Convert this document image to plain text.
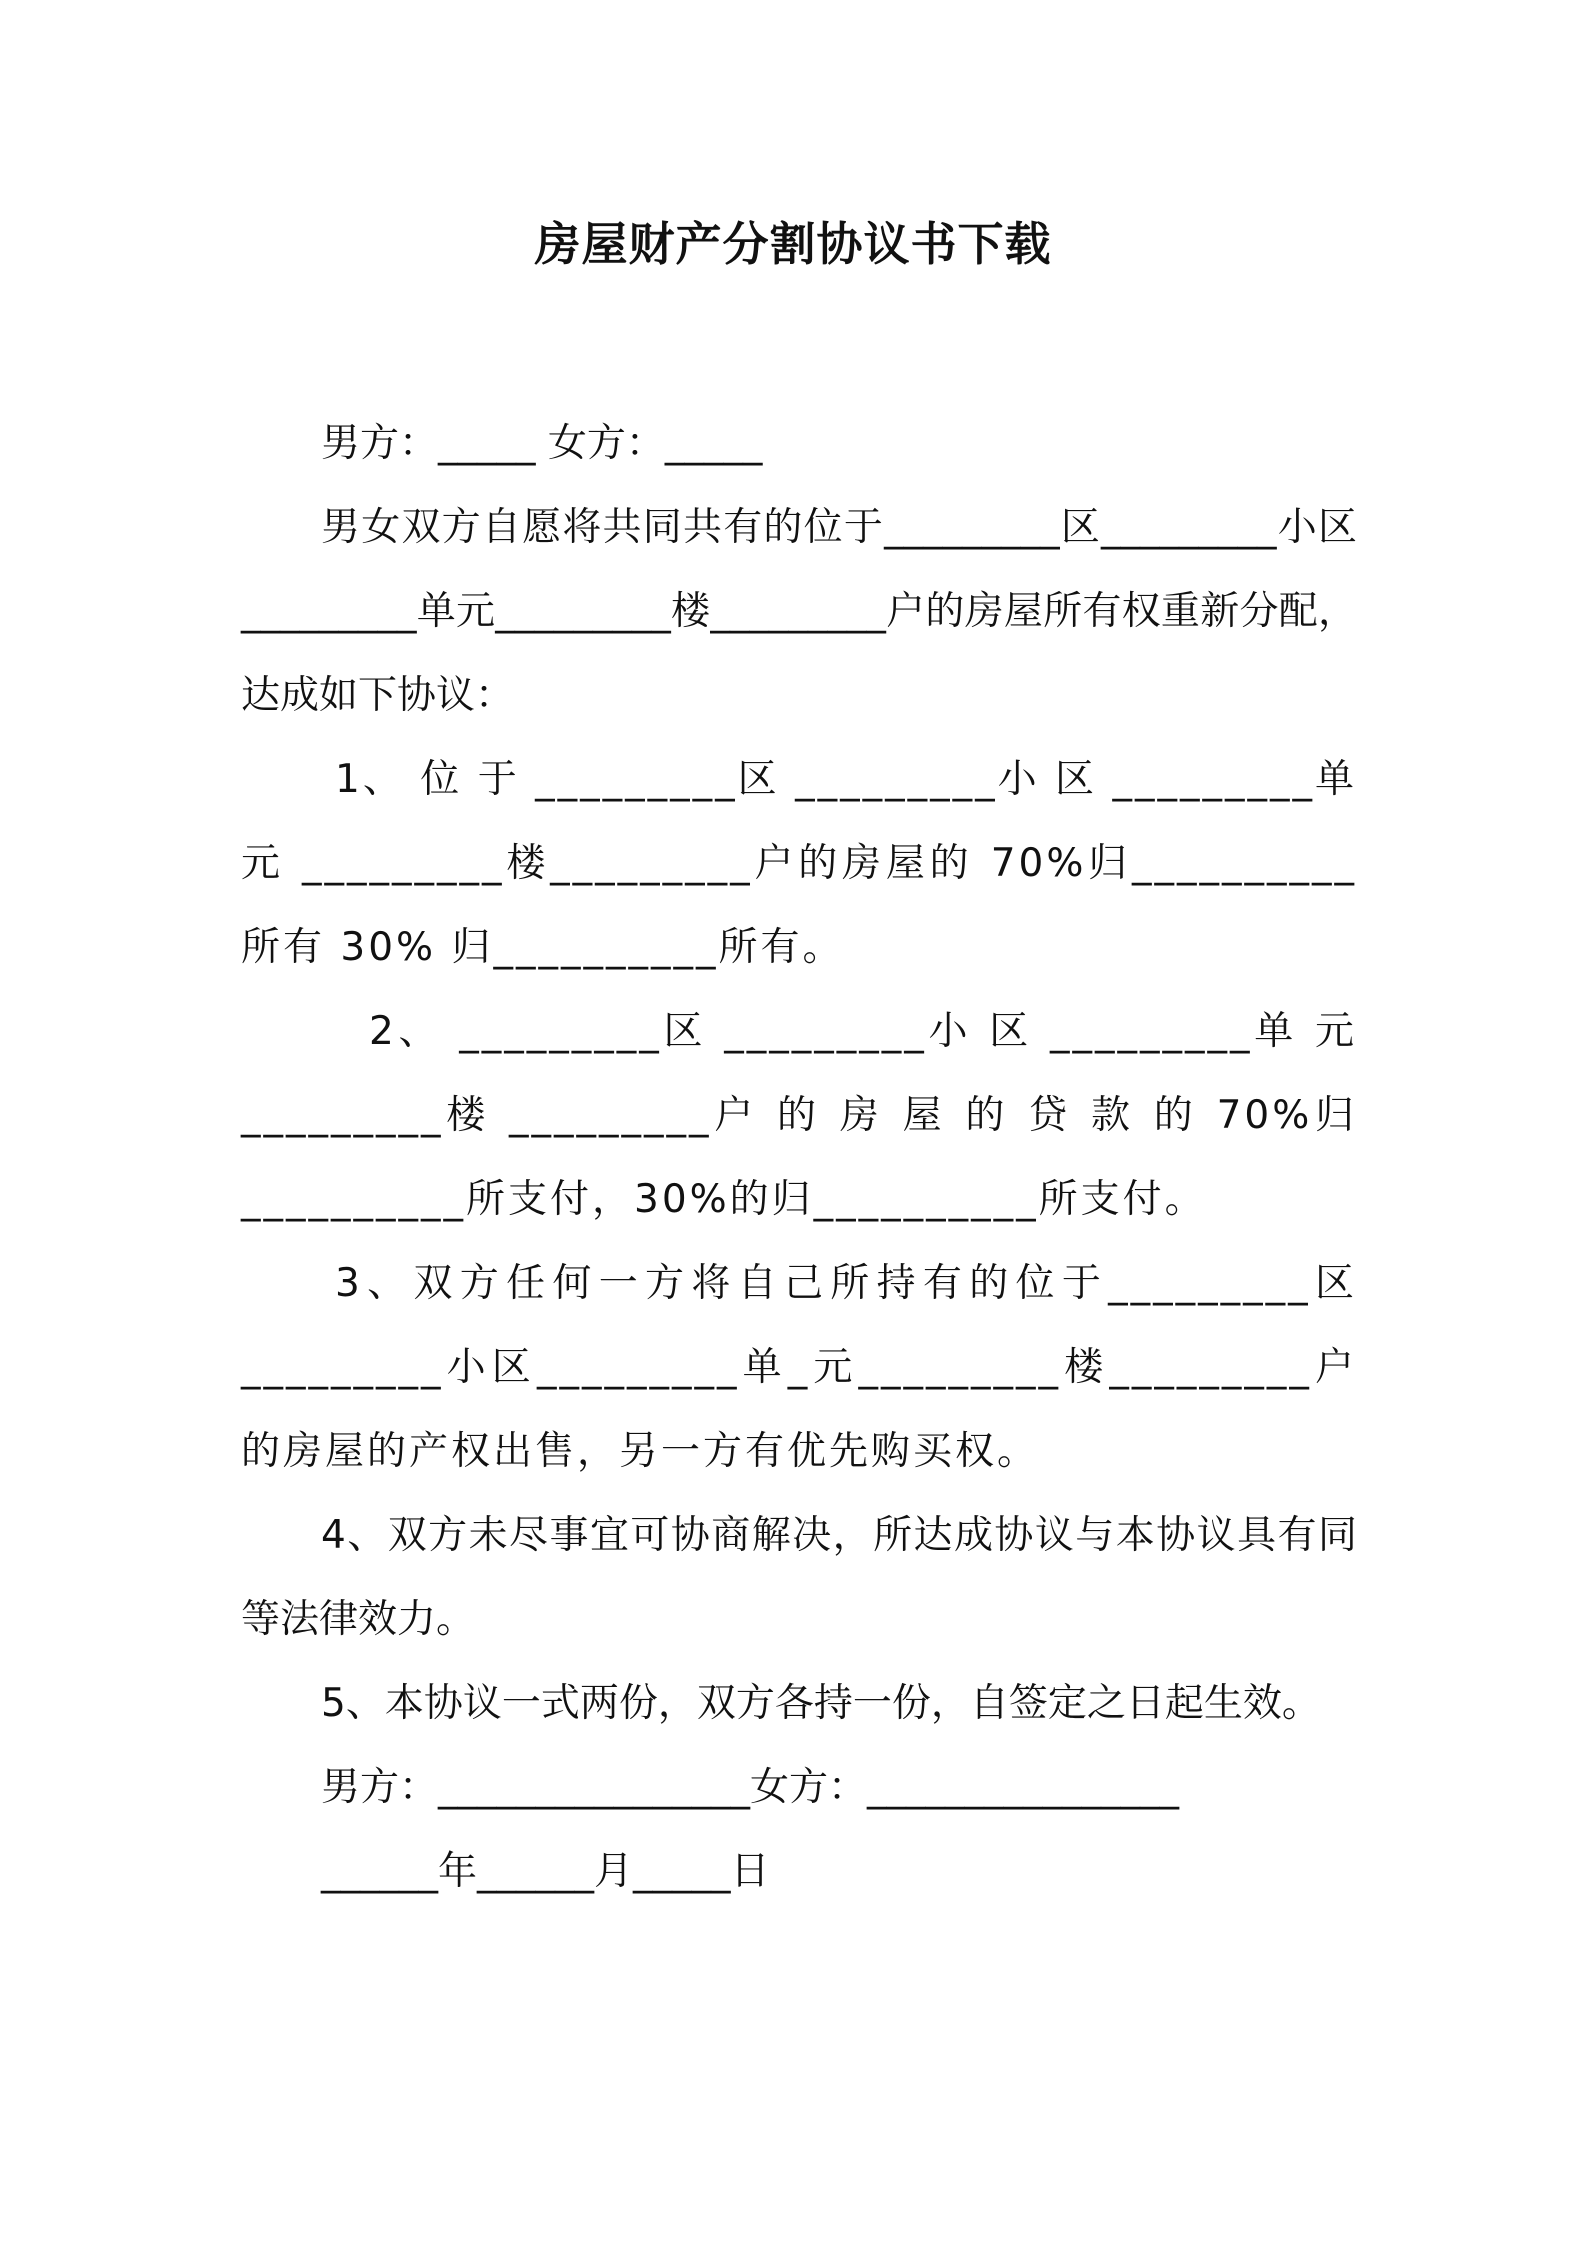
房屋财产分割协议书下载

男方：_____ 女方：_____

男女双方自愿将共同共有的位于_________区_________小区_________单元_________楼_________户的房屋所有权重新分配，达成如下协议：

1、 位 于 _________区 _________小 区 _________单 元 _________楼_________户的房屋的 70%归__________所有 30% 归__________所有。

2、 _________区 _________小 区 _________单 元 _________楼 _________户 的 房 屋 的 贷 款 的 70%归 __________所支付，30%的归__________所支付。

3、双方任何一方将自己所持有的位于_________区 _________小区_________单_元_________楼_________户 的房屋的产权出售，另一方有优先购买权。

4、双方未尽事宜可协商解决，所达成协议与本协议具有同等法律效力。

5、本协议一式两份，双方各持一份，自签定之日起生效。

男方：________________女方：________________

______年______月_____日
